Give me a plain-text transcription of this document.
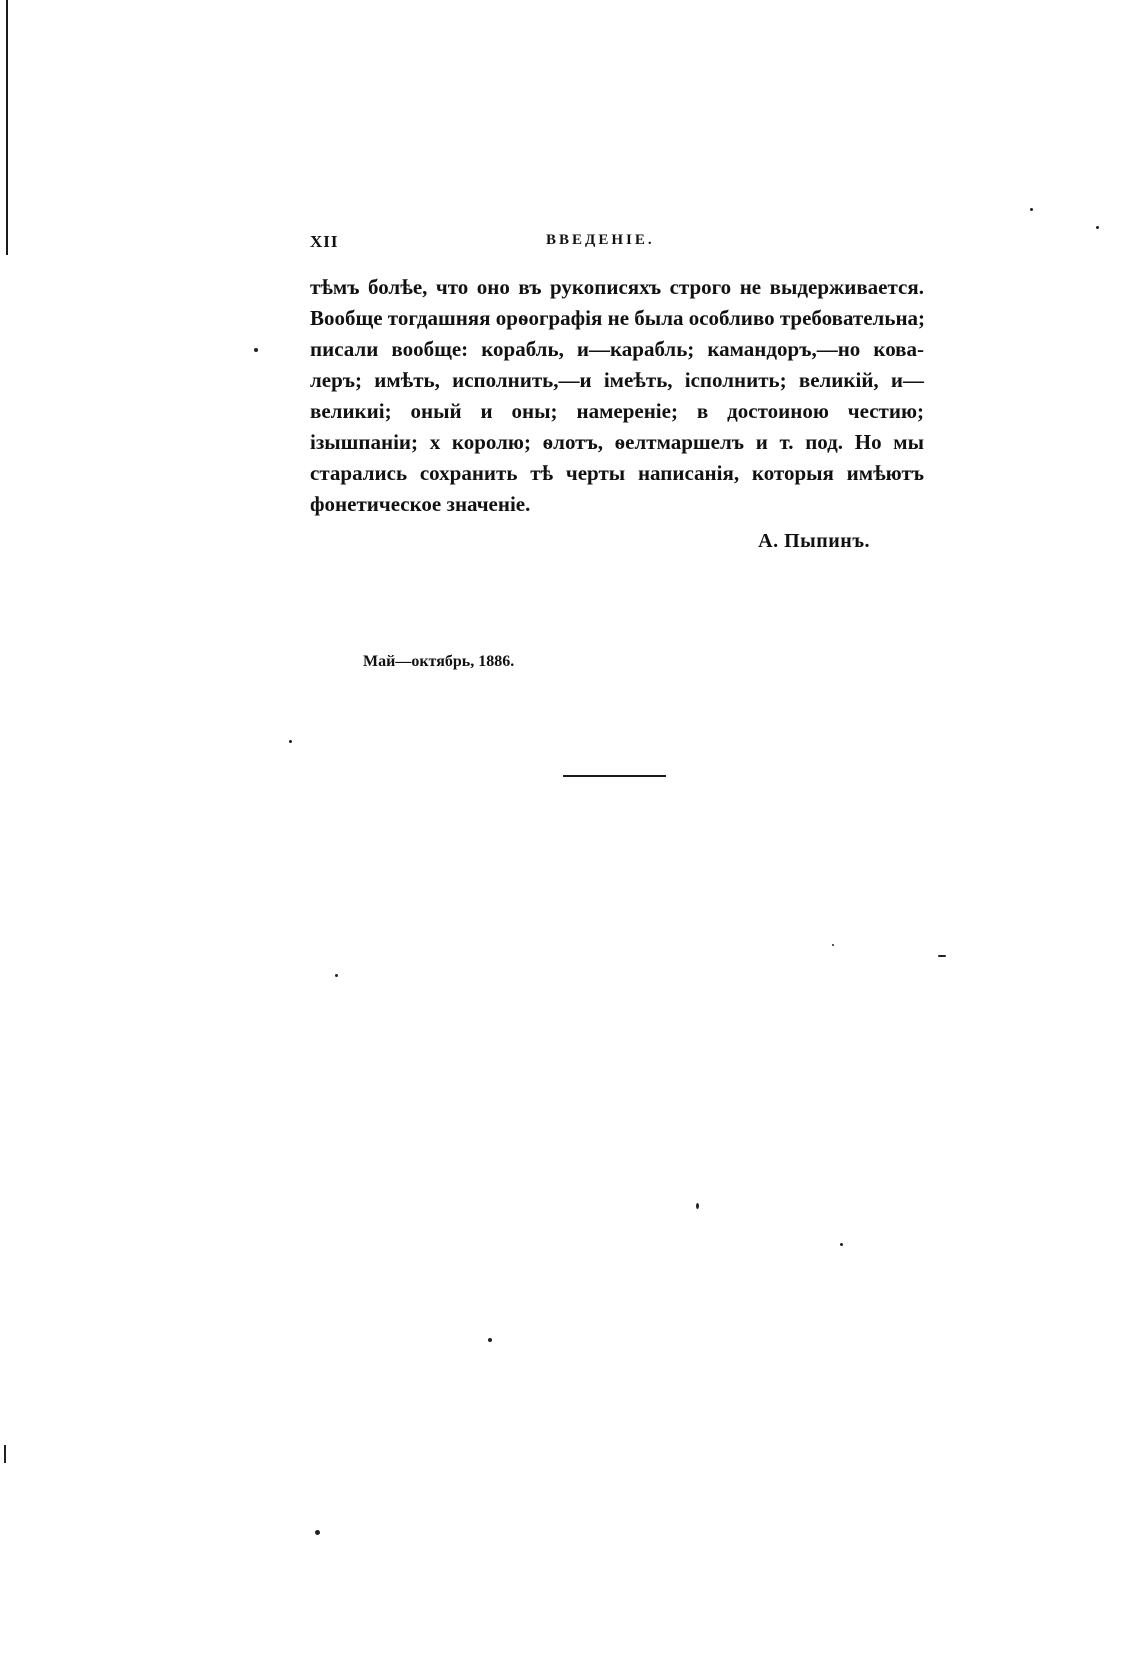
XII	ВВЕДЕНІЕ.
тѣмъ болѣе, что оно въ рукописяхъ строго не выдерживается.
Вообще тогдашняя орѳографія не была особливо требовательна;
писали вообще: корабль, и—карабль; камандоръ,—но кова-
леръ; имѣть, исполнить,—и імеѣть, ісполнить; великій, и—
великиі; оный и оны; намереніе; в достоиною честию;
ізышпаніи; х королю; ѳлотъ, ѳелтмаршелъ и т. под. Но мы
старались сохранить тѣ черты написанія, которыя имѣютъ
фонетическое значеніе.
А. Пыпинъ.
Май—октябрь, 1886.
